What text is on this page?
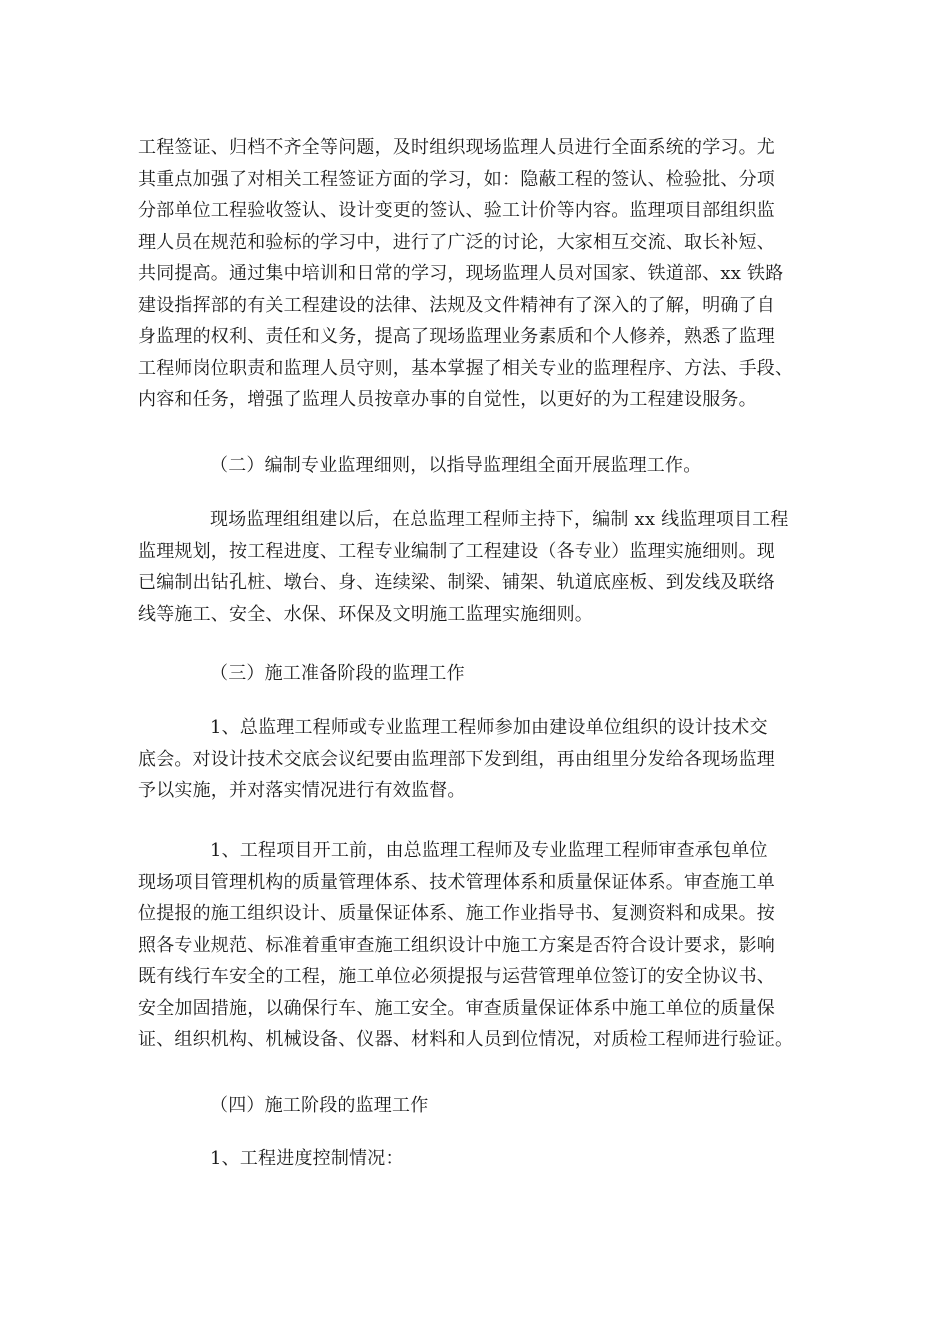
工程签证、归档不齐全等问题，及时组织现场监理人员进行全面系统的学习。尤
其重点加强了对相关工程签证方面的学习，如：隐蔽工程的签认、检验批、分项
分部单位工程验收签认、设计变更的签认、验工计价等内容。监理项目部组织监
理人员在规范和验标的学习中，进行了广泛的讨论，大家相互交流、取长补短、
共同提高。通过集中培训和日常的学习，现场监理人员对国家、铁道部、xx 铁路
建设指挥部的有关工程建设的法律、法规及文件精神有了深入的了解，明确了自
身监理的权利、责任和义务，提高了现场监理业务素质和个人修养，熟悉了监理
工程师岗位职责和监理人员守则，基本掌握了相关专业的监理程序、方法、手段、
内容和任务，增强了监理人员按章办事的自觉性，以更好的为工程建设服务。
（二）编制专业监理细则，以指导监理组全面开展监理工作。
现场监理组组建以后，在总监理工程师主持下，编制 xx 线监理项目工程
监理规划，按工程进度、工程专业编制了工程建设（各专业）监理实施细则。现
已编制出钻孔桩、墩台、身、连续梁、制梁、铺架、轨道底座板、到发线及联络
线等施工、安全、水保、环保及文明施工监理实施细则。
（三）施工准备阶段的监理工作
1、总监理工程师或专业监理工程师参加由建设单位组织的设计技术交
底会。对设计技术交底会议纪要由监理部下发到组，再由组里分发给各现场监理
予以实施，并对落实情况进行有效监督。
1、工程项目开工前，由总监理工程师及专业监理工程师审查承包单位
现场项目管理机构的质量管理体系、技术管理体系和质量保证体系。审查施工单
位提报的施工组织设计、质量保证体系、施工作业指导书、复测资料和成果。按
照各专业规范、标准着重审查施工组织设计中施工方案是否符合设计要求，影响
既有线行车安全的工程，施工单位必须提报与运营管理单位签订的安全协议书、
安全加固措施，以确保行车、施工安全。审查质量保证体系中施工单位的质量保
证、组织机构、机械设备、仪器、材料和人员到位情况，对质检工程师进行验证。
（四）施工阶段的监理工作
1、工程进度控制情况：
